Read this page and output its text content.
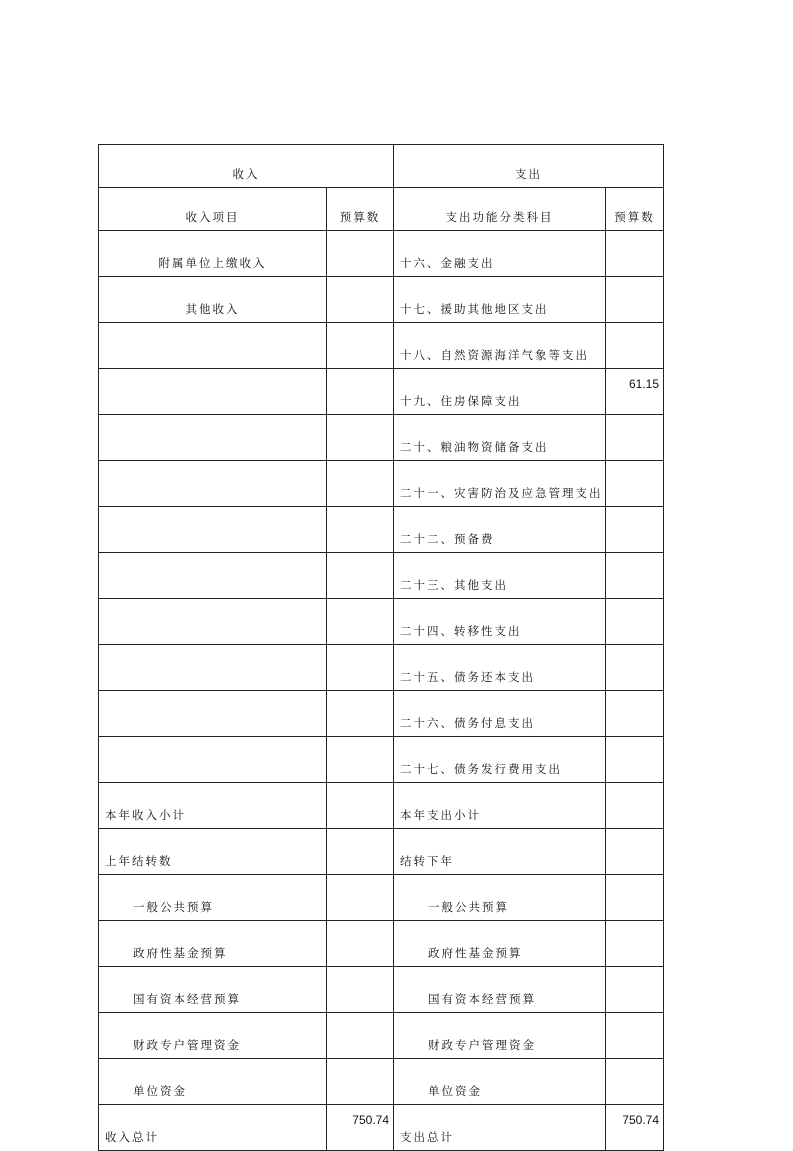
收入		支出	
收入项目	预算数	支出功能分类科目	预算数
附属单位上缴收入		十六、金融支出	
其他收入		十七、援助其他地区支出	
		十八、自然资源海洋气象等支出	
		十九、住房保障支出	61.15
		二十、粮油物资储备支出	
		二十一、灾害防治及应急管理支出	
		二十二、预备费	
		二十三、其他支出	
		二十四、转移性支出	
		二十五、债务还本支出	
		二十六、债务付息支出	
		二十七、债务发行费用支出	
本年收入小计		本年支出小计	
上年结转数		结转下年	
一般公共预算		一般公共预算	
政府性基金预算		政府性基金预算	
国有资本经营预算		国有资本经营预算	
财政专户管理资金		财政专户管理资金	
单位资金		单位资金	
收入总计	750.74	支出总计	750.74
